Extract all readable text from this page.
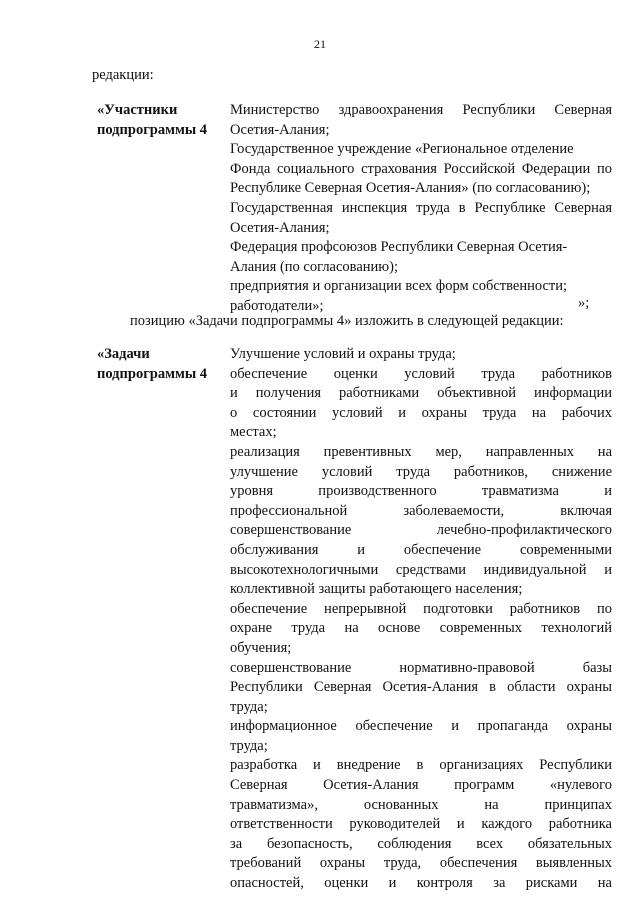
21
редакции:
«Участники
подпрограммы 4
Министерство здравоохранения Республики Северная
Осетия-Алания;
Государственное учреждение «Региональное отделение
Фонда социального страхования Российской Федерации по
Республике Северная Осетия-Алания» (по согласованию);
Государственная инспекция труда в Республике Северная
Осетия-Алания;
Федерация профсоюзов Республики Северная Осетия-
Алания (по согласованию);
предприятия и организации всех форм собственности;
работодатели»;	»;
позицию «Задачи подпрограммы 4» изложить в следующей редакции:
«Задачи
подпрограммы 4
Улучшение условий и охраны труда;
обеспечение оценки условий труда работников
и получения работниками объективной информации
о состоянии условий и охраны труда на рабочих
местах;
реализация превентивных мер, направленных на
улучшение условий труда работников, снижение
уровня производственного травматизма и
профессиональной заболеваемости, включая
совершенствование лечебно-профилактического
обслуживания и обеспечение современными
высокотехнологичными средствами индивидуальной и
коллективной защиты работающего населения;
обеспечение непрерывной подготовки работников по
охране труда на основе современных технологий
обучения;
совершенствование нормативно-правовой базы
Республики Северная Осетия-Алания в области охраны
труда;
информационное обеспечение и пропаганда охраны
труда;
разработка и внедрение в организациях Республики
Северная Осетия-Алания программ «нулевого
травматизма», основанных на принципах
ответственности руководителей и каждого работника
за безопасность, соблюдения всех обязательных
требований охраны труда, обеспечения выявленных
опасностей, оценки и контроля за рисками на
